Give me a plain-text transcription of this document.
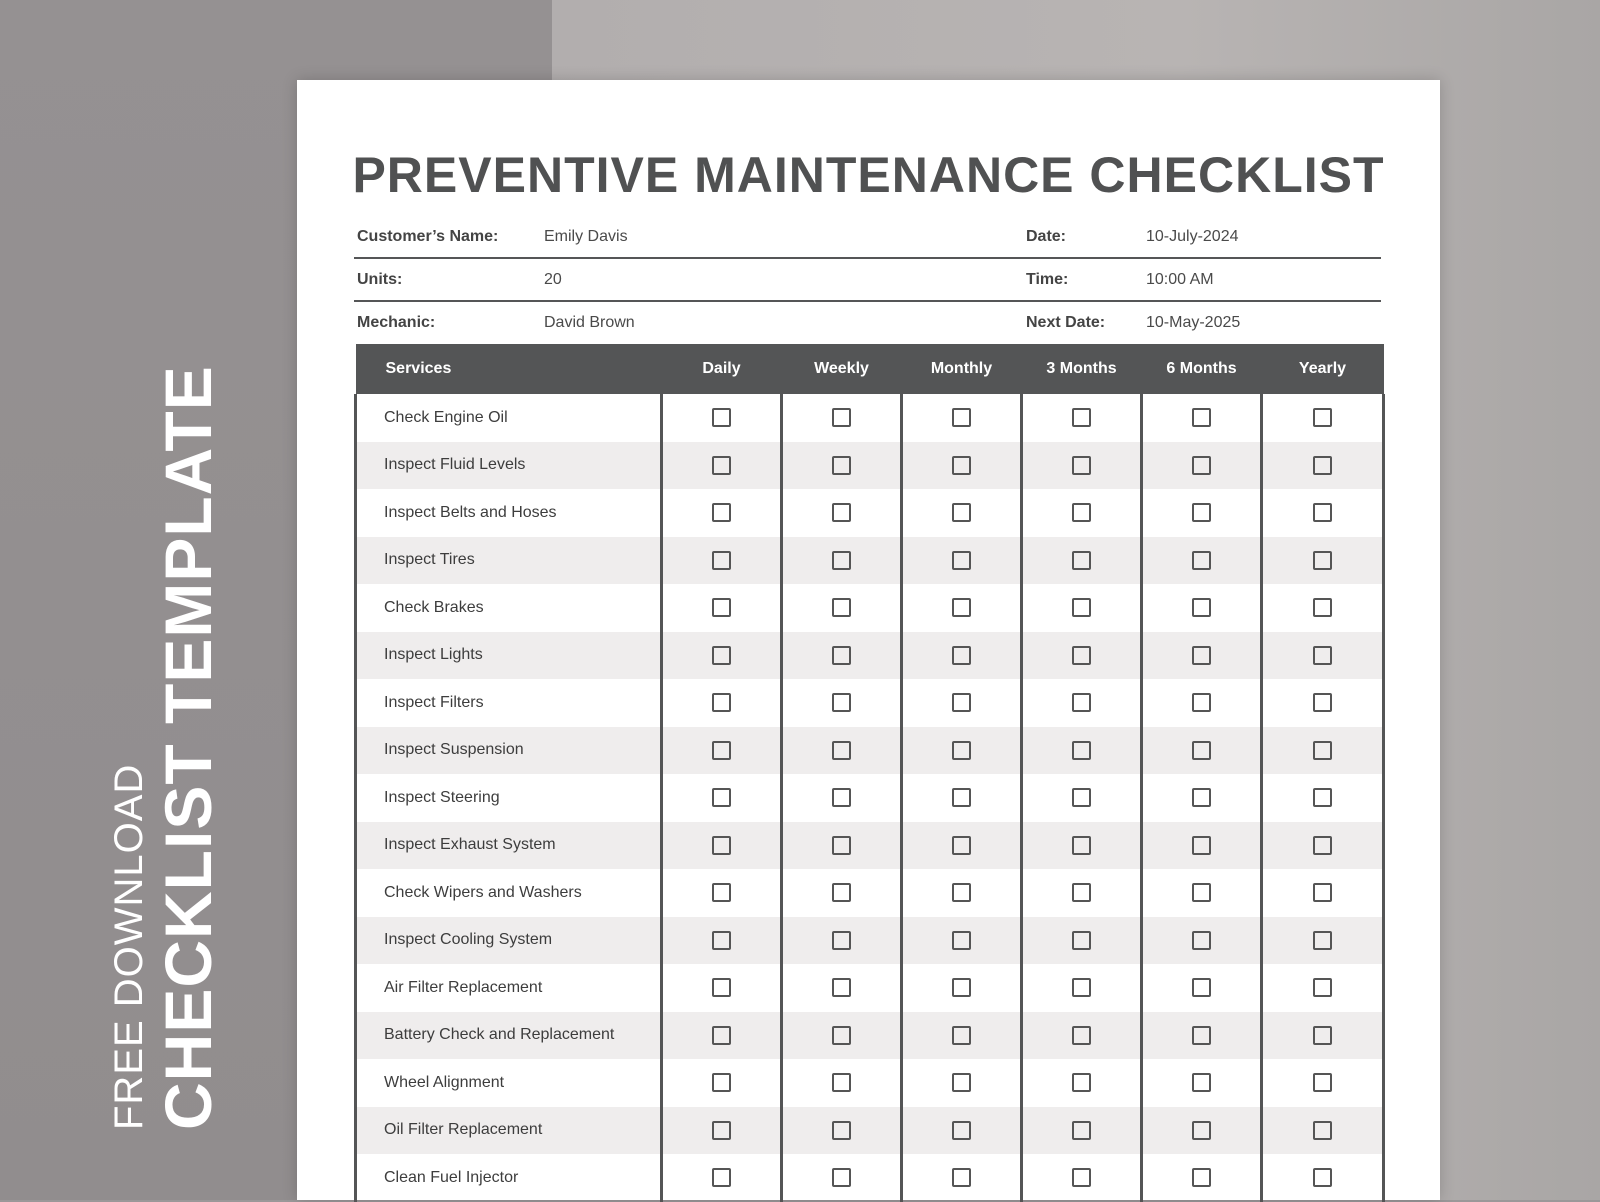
FREE DOWNLOAD CHECKLIST TEMPLATE
PREVENTIVE MAINTENANCE CHECKLIST
Customer’s Name:	Emily Davis	Date:	10-July-2024
Units:	20	Time:	10:00 AM
Mechanic:	David Brown	Next Date:	10-May-2025
Services	Daily	Weekly	Monthly	3 Months	6 Months	Yearly
Check Engine Oil	

Inspect Fluid Levels	

Inspect Belts and Hoses	

Inspect Tires	

Check Brakes	

Inspect Lights	

Inspect Filters	

Inspect Suspension	

Inspect Steering	

Inspect Exhaust System	

Check Wipers and Washers	

Inspect Cooling System	

Air Filter Replacement	

Battery Check and Replacement	

Wheel Alignment	

Oil Filter Replacement	

Clean Fuel Injector	
